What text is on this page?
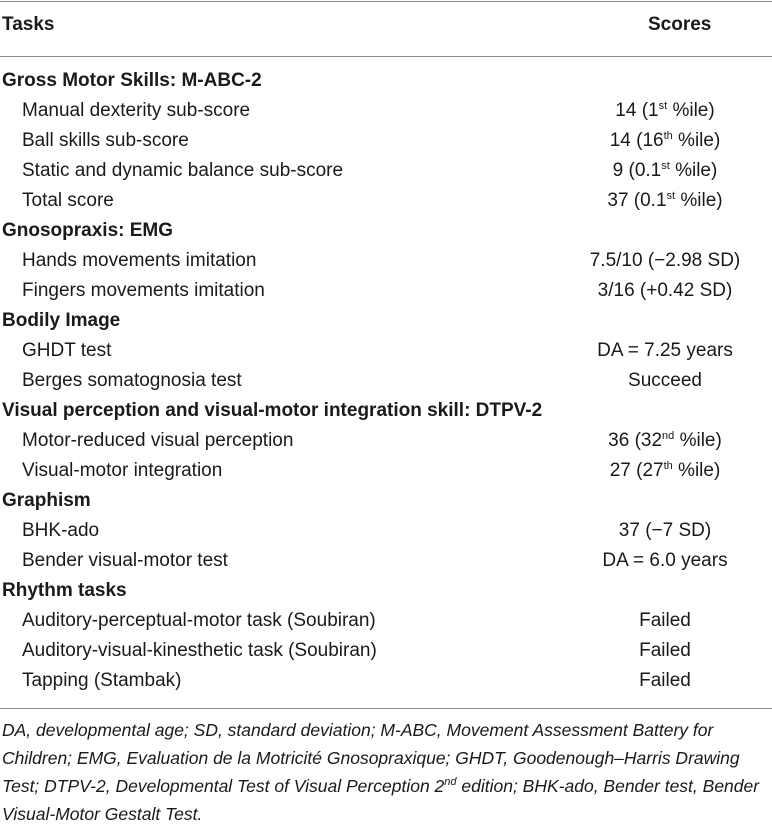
Tasks	Scores
Gross Motor Skills: M-ABC-2
Manual dexterity sub-score	14 (1st %ile)
Ball skills sub-score	14 (16th %ile)
Static and dynamic balance sub-score	9 (0.1st %ile)
Total score	37 (0.1st %ile)
Gnosopraxis: EMG
Hands movements imitation	7.5/10 (−2.98 SD)
Fingers movements imitation	3/16 (+0.42 SD)
Bodily Image
GHDT test	DA = 7.25 years
Berges somatognosia test	Succeed
Visual perception and visual-motor integration skill: DTPV-2
Motor-reduced visual perception	36 (32nd %ile)
Visual-motor integration	27 (27th %ile)
Graphism
BHK-ado	37 (−7 SD)
Bender visual-motor test	DA = 6.0 years
Rhythm tasks
Auditory-perceptual-motor task (Soubiran)	Failed
Auditory-visual-kinesthetic task (Soubiran)	Failed
Tapping (Stambak)	Failed
DA, developmental age; SD, standard deviation; M-ABC, Movement Assessment Battery for Children; EMG, Evaluation de la Motricité Gnosopraxique; GHDT, Goodenough–Harris Drawing Test; DTPV-2, Developmental Test of Visual Perception 2nd edition; BHK-ado, Bender test, Bender Visual-Motor Gestalt Test.
